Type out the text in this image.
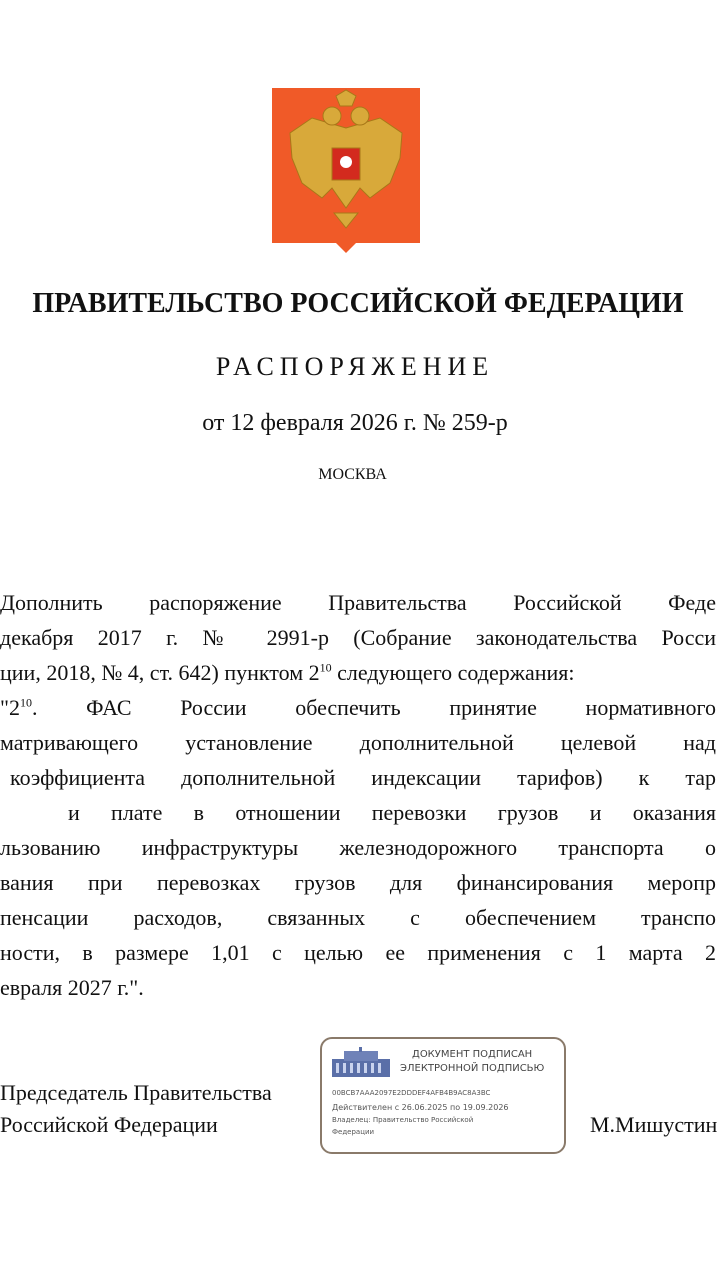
ПРАВИТЕЛЬСТВО РОССИЙСКОЙ ФЕДЕРАЦИИ
РАСПОРЯЖЕНИЕ
от 12 февраля 2026 г. № 259-р
МОСКВА
Дополнить распоряжение Правительства Российской Феде
декабря 2017 г. № 2991-р (Собрание законодательства Росси
ции, 2018, № 4, ст. 642) пунктом $2^{10}$ следующего содержания:
"$2^{10}$. ФАС России обеспечить принятие нормативного
матривающего установление дополнительной целевой над
коэффициента дополнительной индексации тарифов) к тар
и плате в отношении перевозки грузов и оказания
льзованию инфраструктуры железнодорожного транспорта о
вания при перевозках грузов для финансирования меропр
пенсации расходов, связанных с обеспечением транспо
ности, в размере 1,01 с целью ее применения с 1 марта 2
евраля 2027 г.".
Председатель Правительства
Российской Федерации	М.Мишустин
ДОКУМЕНТ ПОДПИСАН
ЭЛЕКТРОННОЙ ПОДПИСЬЮ
00BCB7AAA2097E2DDDEF4AFB4B9AC8A3BC
Действителен с 26.06.2025 по 19.09.2026
Владелец: Правительство Российской
Федерации
